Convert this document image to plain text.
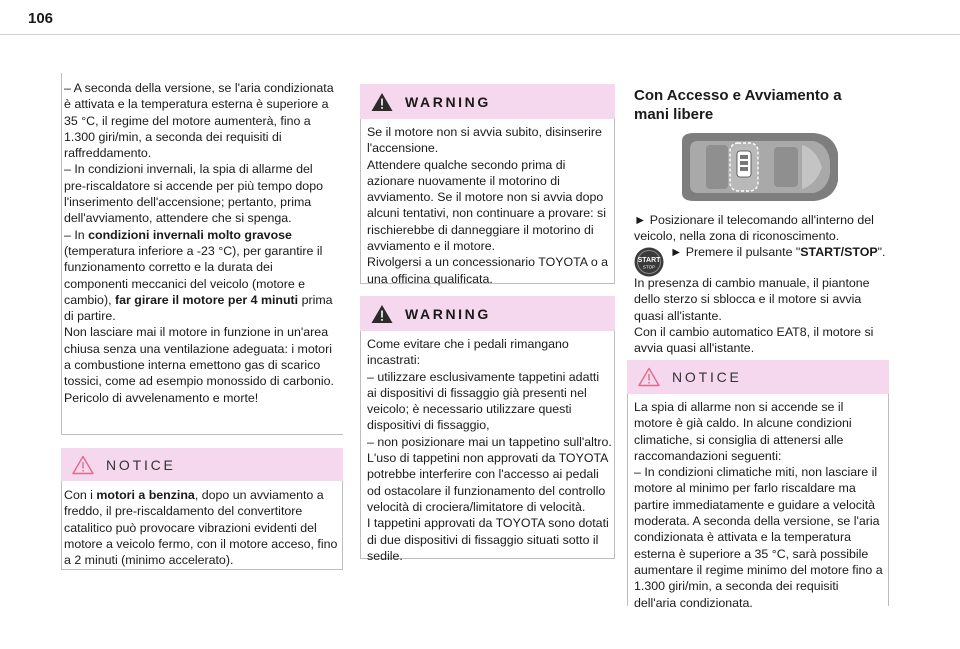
106

– A seconda della versione, se l'aria condizionata è attivata e la temperatura esterna è superiore a 35 °C, il regime del motore aumenterà, fino a 1.300 giri/min, a seconda dei requisiti di raffreddamento.

– In condizioni invernali, la spia di allarme del pre-riscaldatore si accende per più tempo dopo l'inserimento dell'accensione; pertanto, prima dell'avviamento, attendere che si spenga.

– In condizioni invernali molto gravose (temperatura inferiore a -23 °C), per garantire il funzionamento corretto e la durata dei componenti meccanici del veicolo (motore e cambio), far girare il motore per 4 minuti prima di partire.

Non lasciare mai il motore in funzione in un'area chiusa senza una ventilazione adeguata: i motori a combustione interna emettono gas di scarico tossici, come ad esempio monossido di carbonio. Pericolo di avvelenamento e morte!

NOTICE

Con i motori a benzina, dopo un avviamento a freddo, il pre-riscaldamento del convertitore catalitico può provocare vibrazioni evidenti del motore a veicolo fermo, con il motore acceso, fino a 2 minuti (minimo accelerato).

WARNING

Se il motore non si avvia subito, disinserire l'accensione.

Attendere qualche secondo prima di azionare nuovamente il motorino di avviamento. Se il motore non si avvia dopo alcuni tentativi, non continuare a provare: si rischierebbe di danneggiare il motorino di avviamento e il motore.

Rivolgersi a un concessionario TOYOTA o a una officina qualificata.

WARNING

Come evitare che i pedali rimangano incastrati:

– utilizzare esclusivamente tappetini adatti ai dispositivi di fissaggio già presenti nel veicolo; è necessario utilizzare questi dispositivi di fissaggio,

– non posizionare mai un tappetino sull'altro.

L'uso di tappetini non approvati da TOYOTA potrebbe interferire con l'accesso ai pedali od ostacolare il funzionamento del controllo velocità di crociera/limitatore di velocità.

I tappetini approvati da TOYOTA sono dotati di due dispositivi di fissaggio situati sotto il sedile.

Con Accesso e Avviamento a mani libere

► Posizionare il telecomando all'interno del veicolo, nella zona di riconoscimento.

START
STOP

► Premere il pulsante "START/STOP".

In presenza di cambio manuale, il piantone dello sterzo si sblocca e il motore si avvia quasi all'istante.

Con il cambio automatico EAT8, il motore si avvia quasi all'istante.

NOTICE

La spia di allarme non si accende se il motore è già caldo. In alcune condizioni climatiche, si consiglia di attenersi alle raccomandazioni seguenti:

– In condizioni climatiche miti, non lasciare il motore al minimo per farlo riscaldare ma partire immediatamente e guidare a velocità moderata. A seconda della versione, se l'aria condizionata è attivata e la temperatura esterna è superiore a 35 °C, sarà possibile aumentare il regime minimo del motore fino a 1.300 giri/min, a seconda dei requisiti dell'aria condizionata.
